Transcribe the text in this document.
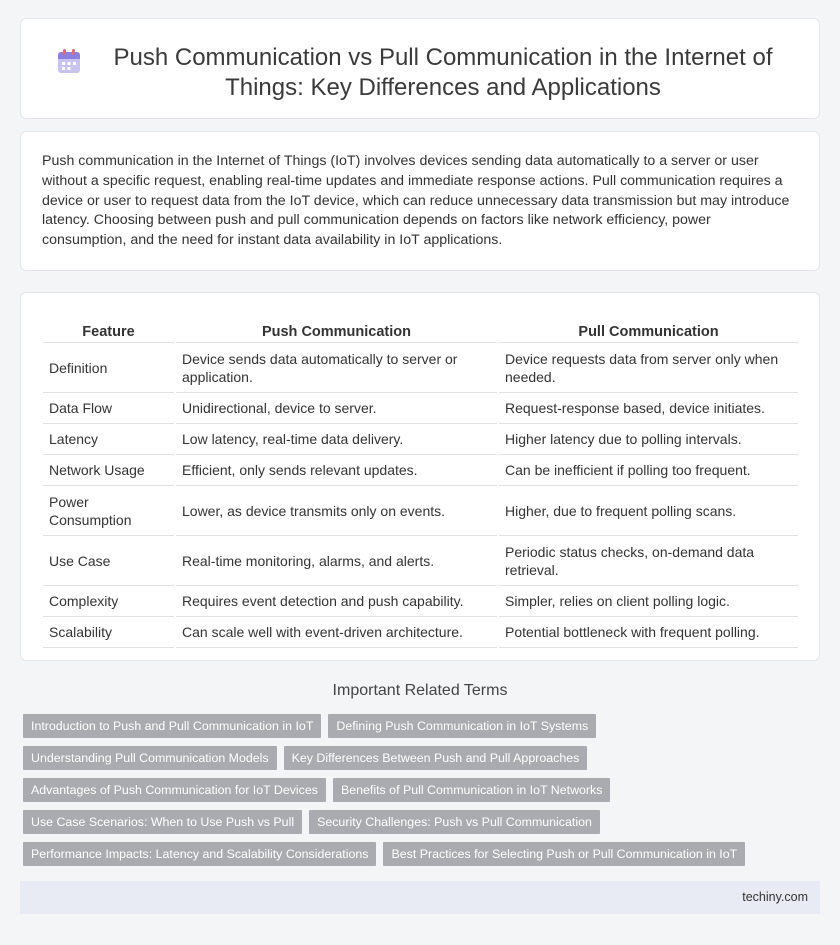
Push Communication vs Pull Communication in the Internet of Things: Key Differences and Applications

Push communication in the Internet of Things (IoT) involves devices sending data automatically to a server or user without a specific request, enabling real-time updates and immediate response actions. Pull communication requires a device or user to request data from the IoT device, which can reduce unnecessary data transmission but may introduce latency. Choosing between push and pull communication depends on factors like network efficiency, power consumption, and the need for instant data availability in IoT applications.

Feature	Push Communication	Pull Communication
Definition	Device sends data automatically to server or application.	Device requests data from server only when needed.
Data Flow	Unidirectional, device to server.	Request-response based, device initiates.
Latency	Low latency, real-time data delivery.	Higher latency due to polling intervals.
Network Usage	Efficient, only sends relevant updates.	Can be inefficient if polling too frequent.
Power Consumption	Lower, as device transmits only on events.	Higher, due to frequent polling scans.
Use Case	Real-time monitoring, alarms, and alerts.	Periodic status checks, on-demand data retrieval.
Complexity	Requires event detection and push capability.	Simpler, relies on client polling logic.
Scalability	Can scale well with event-driven architecture.	Potential bottleneck with frequent polling.
Important Related Terms
Introduction to Push and Pull Communication in IoT	Defining Push Communication in IoT Systems
Understanding Pull Communication Models	Key Differences Between Push and Pull Approaches
Advantages of Push Communication for IoT Devices	Benefits of Pull Communication in IoT Networks
Use Case Scenarios: When to Use Push vs Pull	Security Challenges: Push vs Pull Communication
Performance Impacts: Latency and Scalability Considerations	Best Practices for Selecting Push or Pull Communication in IoT
techiny.com
